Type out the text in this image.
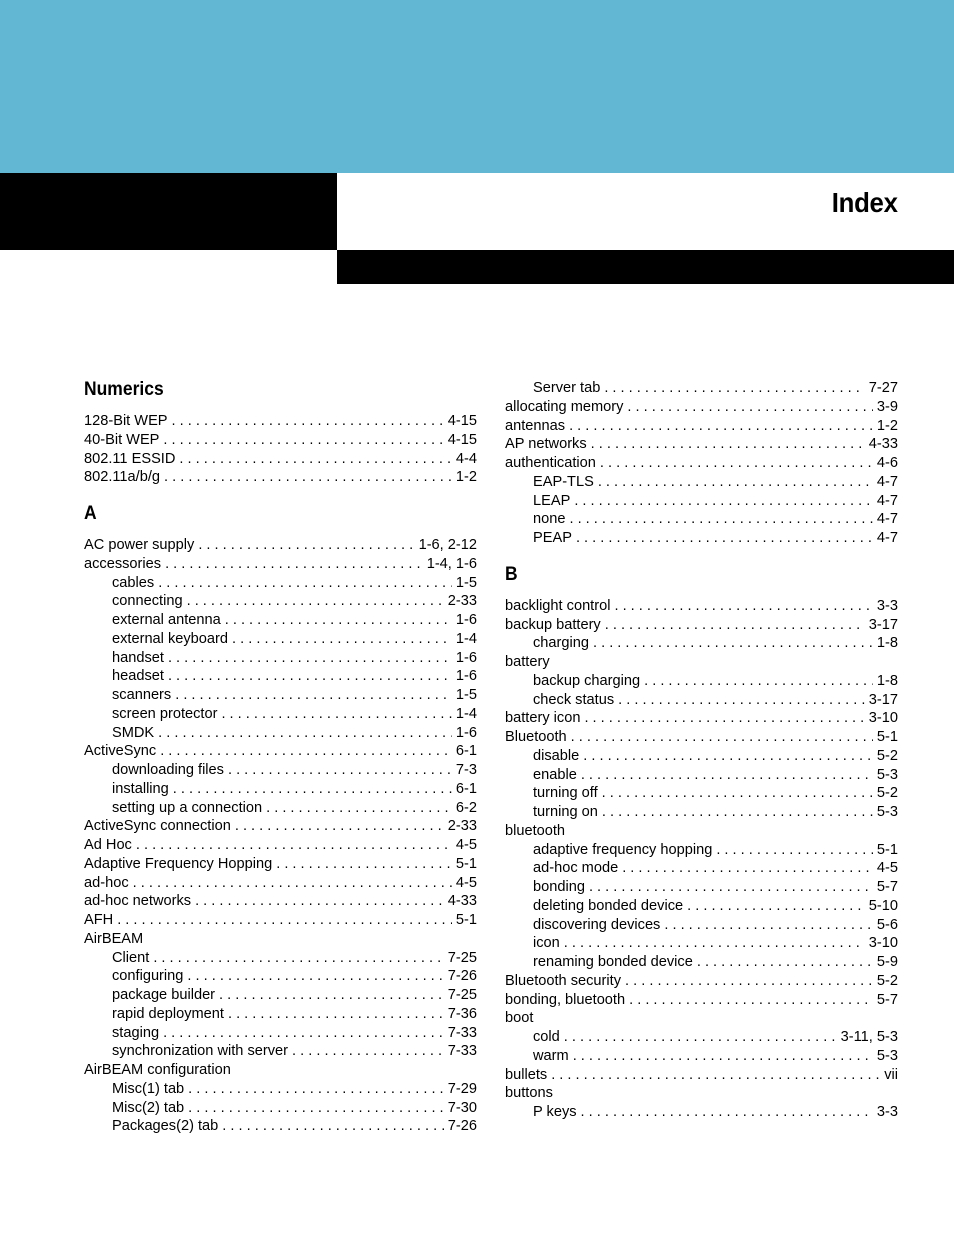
Index
Numerics
128-Bit WEP . . .	4-15
40-Bit WEP . . .	4-15
802.11 ESSID . . .	4-4
802.11a/b/g . . .	1-2
A
AC power supply . . .	1-6, 2-12
accessories . . .	1-4, 1-6
cables . . .	1-5
connecting . . .	2-33
external antenna . . .	1-6
external keyboard . . .	1-4
handset . . .	1-6
headset . . .	1-6
scanners . . .	1-5
screen protector . . .	1-4
SMDK . . .	1-6
ActiveSync . . .	6-1
downloading files . . .	7-3
installing . . .	6-1
setting up a connection . . .	6-2
ActiveSync connection . . .	2-33
Ad Hoc . . .	4-5
Adaptive Frequency Hopping . . .	5-1
ad-hoc . . .	4-5
ad-hoc networks . . .	4-33
AFH . . .	5-1
AirBEAM
Client . . .	7-25
configuring . . .	7-26
package builder . . .	7-25
rapid deployment . . .	7-36
staging . . .	7-33
synchronization with server . . .	7-33
AirBEAM configuration
Misc(1) tab . . .	7-29
Misc(2) tab . . .	7-30
Packages(2) tab . . .	7-26
Server tab . . .	7-27
allocating memory . . .	3-9
antennas . . .	1-2
AP networks . . .	4-33
authentication . . .	4-6
EAP-TLS . . .	4-7
LEAP . . .	4-7
none . . .	4-7
PEAP . . .	4-7
B
backlight control . . .	3-3
backup battery . . .	3-17
charging . . .	1-8
battery
backup charging . . .	1-8
check status . . .	3-17
battery icon . . .	3-10
Bluetooth . . .	5-1
disable . . .	5-2
enable . . .	5-3
turning off . . .	5-2
turning on . . .	5-3
bluetooth
adaptive frequency hopping . . .	5-1
ad-hoc mode . . .	4-5
bonding . . .	5-7
deleting bonded device . . .	5-10
discovering devices . . .	5-6
icon . . .	3-10
renaming bonded device . . .	5-9
Bluetooth security . . .	5-2
bonding, bluetooth . . .	5-7
boot
cold . . .	3-11, 5-3
warm . . .	5-3
bullets . . .	vii
buttons
P keys . . .	3-3
